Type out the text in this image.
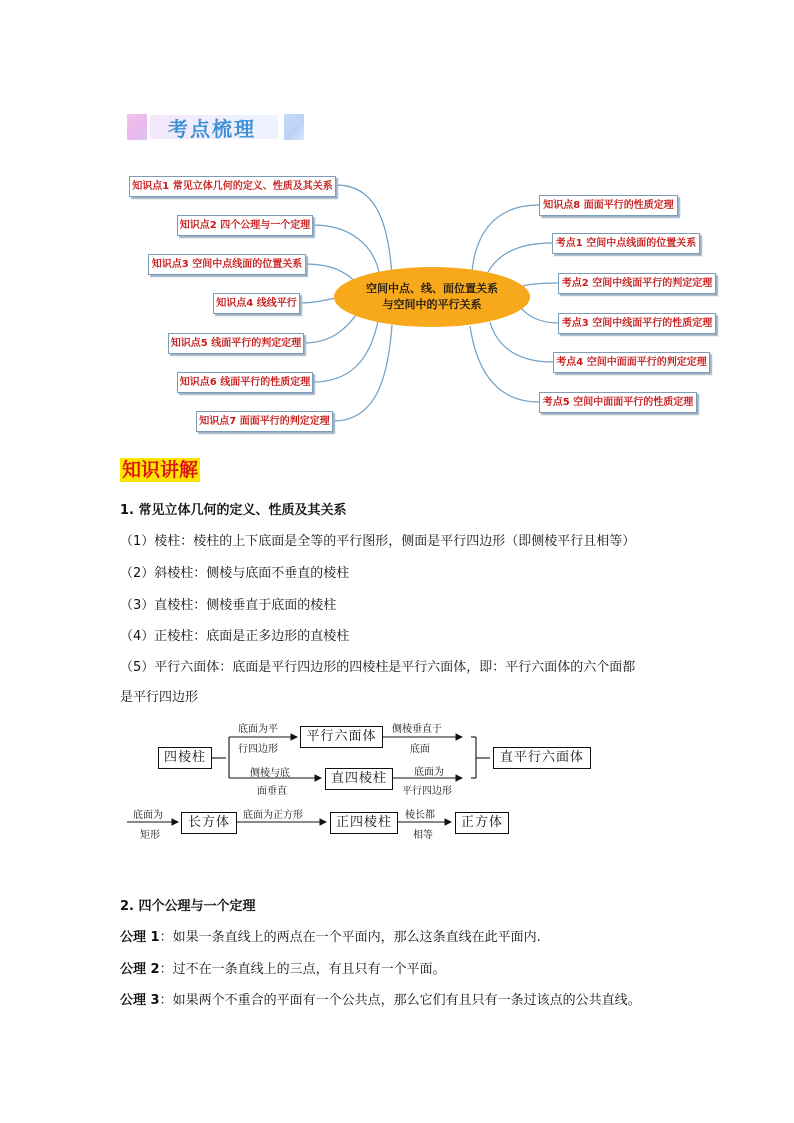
考点梳理
知识点1 常见立体几何的定义、性质及其关系
知识点2 四个公理与一个定理
知识点3 空间中点线面的位置关系
知识点4 线线平行
知识点5 线面平行的判定定理
知识点6 线面平行的性质定理
知识点7 面面平行的判定定理
空间中点、线、面位置关系
与空间中的平行关系
知识点8 面面平行的性质定理
考点1 空间中点线面的位置关系
考点2 空间中线面平行的判定定理
考点3 空间中线面平行的性质定理
考点4 空间中面面平行的判定定理
考点5 空间中面面平行的性质定理
知识讲解
1. 常见立体几何的定义、性质及其关系
（1）棱柱：棱柱的上下底面是全等的平行图形，侧面是平行四边形（即侧棱平行且相等）
（2）斜棱柱：侧棱与底面不垂直的棱柱
（3）直棱柱：侧棱垂直于底面的棱柱
（4）正棱柱：底面是正多边形的直棱柱
（5）平行六面体：底面是平行四边形的四棱柱是平行六面体，即：平行六面体的六个面都
是平行四边形
四棱柱
平行六面体
直四棱柱
直平行六面体
长方体	正四棱柱	正方体
底面为平
行四边形
侧棱与底
面垂直
侧棱垂直于
底面
底面为
平行四边形
底面为
矩形
底面为正方形	棱长都
相等
2. 四个公理与一个定理
公理 1：如果一条直线上的两点在一个平面内，那么这条直线在此平面内.
公理 2：过不在一条直线上的三点，有且只有一个平面。
公理 3：如果两个不重合的平面有一个公共点，那么它们有且只有一条过该点的公共直线。
